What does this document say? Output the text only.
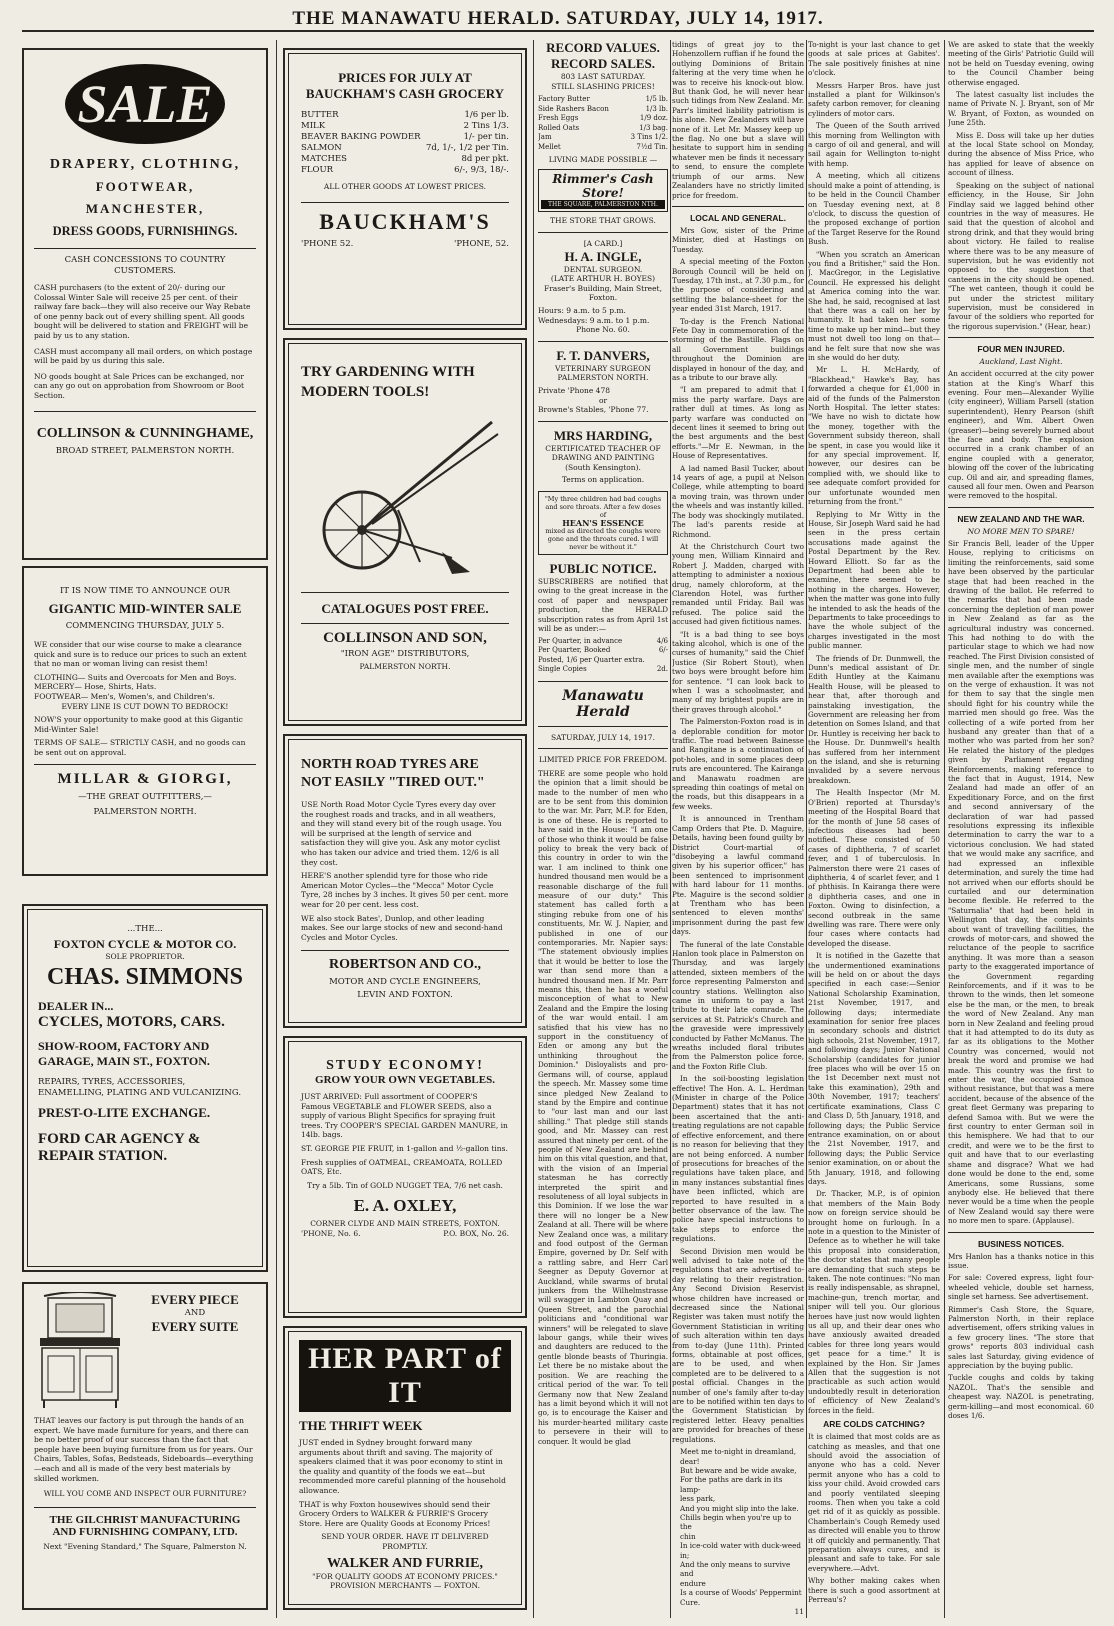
THE MANAWATU HERALD. SATURDAY, JULY 14, 1917.
SALE
DRAPERY, CLOTHING,
FOOTWEAR, MANCHESTER,
DRESS GOODS, FURNISHINGS.
CASH CONCESSIONS TO COUNTRY CUSTOMERS.

CASH purchasers (to the extent of 20/- during our Colossal Winter Sale will receive 25 per cent. of their railway fare back—they will also receive our Way Rebate of one penny back out of every shilling spent. All goods bought will be delivered to station and FREIGHT will be paid by us to any station.

CASH must accompany all mail orders, on which postage will be paid by us during this sale.

NO goods bought at Sale Prices can be exchanged, nor can any go out on approbation from Showroom or Boot Section.

COLLINSON & CUNNINGHAME,
BROAD STREET, PALMERSTON NORTH.
IT IS NOW TIME TO ANNOUNCE OUR
GIGANTIC MID-WINTER SALE
COMMENCING THURSDAY, JULY 5.

WE consider that our wise course to make a clearance quick and sure is to reduce our prices to such an extent that no man or woman living can resist them!

CLOTHING— Suits and Overcoats for Men and Boys.

MERCERY— Hose, Shirts, Hats.

FOOTWEAR— Men's, Women's, and Children's.

EVERY LINE IS CUT DOWN TO BEDROCK!

NOW'S your opportunity to make good at this Gigantic Mid-Winter Sale!

TERMS OF SALE— STRICTLY CASH, and no goods can be sent out on approval.

MILLAR & GIORGI,
—THE GREAT OUTFITTERS,—
PALMERSTON NORTH.
...THE...
FOXTON CYCLE & MOTOR CO.
SOLE PROPRIETOR.
CHAS. SIMMONS
DEALER IN...
CYCLES, MOTORS, CARS.
SHOW-ROOM, FACTORY AND
GARAGE, MAIN ST., FOXTON.
REPAIRS, TYRES, ACCESSORIES, ENAMELLING, PLATING AND VULCANIZING.
PREST-O-LITE EXCHANGE.
FORD CAR AGENCY &
REPAIR STATION.
EVERY PIECE
AND
EVERY SUITE

THAT leaves our factory is put through the hands of an expert. We have made furniture for years, and there can be no better proof of our success than the fact that people have been buying furniture from us for years. Our Chairs, Tables, Sofas, Bedsteads, Sideboards—everything—each and all is made of the very best materials by skilled workmen.

WILL YOU COME AND INSPECT OUR FURNITURE?
THE GILCHRIST MANUFACTURING
AND FURNISHING COMPANY, LTD.
Next "Evening Standard," The Square, Palmerston N.
PRICES FOR JULY AT
BAUCKHAM'S CASH GROCERY
BUTTER	1/6 per lb.
MILK	2 Tins 1/3.
BEAVER BAKING POWDER	1/- per tin.
SALMON	7d, 1/-, 1/2 per Tin.
MATCHES	8d per pkt.
FLOUR	6/-, 9/3, 18/-.
ALL OTHER GOODS AT LOWEST PRICES.
BAUCKHAM'S
'PHONE 52.	'PHONE, 52.
TRY GARDENING WITH MODERN TOOLS!
CATALOGUES POST FREE.
COLLINSON AND SON,
"IRON AGE" DISTRIBUTORS,
PALMERSTON NORTH.
NORTH ROAD TYRES ARE NOT EASILY "TIRED OUT."

USE North Road Motor Cycle Tyres every day over the roughest roads and tracks, and in all weathers, and they will stand every bit of the rough usage. You will be surprised at the length of service and satisfaction they will give you. Ask any motor cyclist who has taken our advice and tried them. 12/6 is all they cost.

HERE'S another splendid tyre for those who ride American Motor Cycles—the "Mecca" Motor Cycle Tyre, 28 inches by 3 inches. It gives 50 per cent. more wear for 20 per cent. less cost.

WE also stock Bates', Dunlop, and other leading makes. See our large stocks of new and second-hand Cycles and Motor Cycles.

ROBERTSON AND CO.,
MOTOR AND CYCLE ENGINEERS,
LEVIN AND FOXTON.
STUDY ECONOMY!
GROW YOUR OWN VEGETABLES.

JUST ARRIVED: Full assortment of COOPER'S Famous VEGETABLE and FLOWER SEEDS, also a supply of various Blight Specifics for spraying fruit trees. Try COOPER'S SPECIAL GARDEN MANURE, in 14lb. bags.

ST. GEORGE PIE FRUIT, in 1-gallon and ½-gallon tins.

Fresh supplies of OATMEAL, CREAMOATA, ROLLED OATS, Etc.

Try a 5lb. Tin of GOLD NUGGET TEA, 7/6 net cash.

E. A. OXLEY,
CORNER CLYDE AND MAIN STREETS, FOXTON.
'PHONE, No. 6.	P.O. BOX, No. 26.
HER PART of IT
THE THRIFT WEEK

JUST ended in Sydney brought forward many arguments about thrift and saving. The majority of speakers claimed that it was poor economy to stint in the quality and quantity of the foods we eat—but recommended more careful planning of the household allowance.

THAT is why Foxton housewives should send their Grocery Orders to WALKER & FURRIE'S Grocery Store. Here are Quality Goods at Economy Prices!

SEND YOUR ORDER. HAVE IT DELIVERED PROMPTLY.
WALKER AND FURRIE,
"FOR QUALITY GOODS AT ECONOMY PRICES."
PROVISION MERCHANTS — FOXTON.
RECORD VALUES.
RECORD SALES.
803 LAST SATURDAY.
STILL SLASHING PRICES!
Factory Butter	1/5 lb.
Side Rashers Bacon	1/3 lb.
Fresh Eggs	1/9 doz.
Rolled Oats	1/3 bag.
Jam	3 Tins 1/2.
Mellet	7½d Tin.
LIVING MADE POSSIBLE —
Rimmer's Cash Store!
THE SQUARE, PALMERSTON NTH.
THE STORE THAT GROWS.
[A CARD.]
H. A. INGLE,
DENTAL SURGEON.
(LATE ARTHUR H. BOYES)
Fraser's Building, Main Street,
Foxton.
Hours: 9 a.m. to 5 p.m. Wednesdays: 9 a.m. to 1 p.m.
Phone No. 60.
F. T. DANVERS,
VETERINARY SURGEON
PALMERSTON NORTH.
Private 'Phone 478
or
Browne's Stables, 'Phone 77.
MRS HARDING,
CERTIFICATED TEACHER OF DRAWING AND PAINTING
(South Kensington).
Terms on application.
"My three children had bad coughs and sore throats. After a few doses of
HEAN'S ESSENCE
mixed as directed the coughs were gone and the throats cured. I will never be without it."
PUBLIC NOTICE.

SUBSCRIBERS are notified that owing to the great increase in the cost of paper and newspaper production, the HERALD subscription rates as from April 1st will be as under:—

Per Quarter, in advance	4/6
Per Quarter, Booked	6/-
Posted, 1/6 per Quarter extra.	
Single Copies	2d.
Manawatu Herald
SATURDAY, JULY 14, 1917.
LIMITED PRICE FOR FREEDOM.

THERE are some people who hold the opinion that a limit should be made to the number of men who are to be sent from this dominion to the war. Mr. Parr, M.P. for Eden, is one of these. He is reported to have said in the House: "I am one of those who think it would be false policy to break the very back of this country in order to win the war. I am inclined to think one hundred thousand men would be a reasonable discharge of the full measure of our duty." This statement has called forth a stinging rebuke from one of his constituents, Mr. W. J. Napier, and published in one of our contemporaries. Mr. Napier says: "The statement obviously implies that it would be better to lose the war than send more than a hundred thousand men. If Mr. Parr means this, then he has a woeful misconception of what to New Zealand and the Empire the losing of the war would entail. I am satisfied that his view has no support in the constituency of Eden or among any but the unthinking throughout the Dominion." Disloyalists and pro-Germans will, of course, applaud the speech. Mr. Massey some time since pledged New Zealand to stand by the Empire and continue to "our last man and our last shilling." That pledge still stands good, and Mr. Massey can rest assured that ninety per cent. of the people of New Zealand are behind him on this vital question, and that, with the vision of an Imperial statesman he has correctly interpreted the spirit and resoluteness of all loyal subjects in this Dominion. If we lose the war there will no longer be a New Zealand at all. There will be where New Zealand once was, a military and food outpost of the German Empire, governed by Dr. Self with a rattling sabre, and Herr Carl Seegner as Deputy Governor at Auckland, while swarms of brutal junkers from the Wilhelmstrasse will swagger in Lambton Quay and Queen Street, and the parochial politicians and "conditional war winners" will be relegated to slave labour gangs, while their wives and daughters are reduced to the gentle blonde beasts of Thuringia. Let there be no mistake about the position. We are reaching the critical period of the war. To tell Germany now that New Zealand has a limit beyond which it will not go, is to encourage the Kaiser and his murder-hearted military caste to persevere in their will to conquer. It would be glad

tidings of great joy to the Hohenzollern ruffian if he found the outlying Dominions of Britain faltering at the very time when he was to receive his knock-out blow. But thank God, he will never hear such tidings from New Zealand. Mr. Parr's limited liability patriotism is his alone. New Zealanders will have none of it. Let Mr. Massey keep up the flag. No one but a slave will hesitate to support him in sending whatever men be finds it necessary to send, to ensure the complete triumph of our arms. New Zealanders have no strictly limited price for freedom.

LOCAL AND GENERAL.

Mrs Gow, sister of the Prime Minister, died at Hastings on Tuesday.

A special meeting of the Foxton Borough Council will be held on Tuesday, 17th inst., at 7.30 p.m., for the purpose of considering and settling the balance-sheet for the year ended 31st March, 1917.

To-day is the French National Fete Day in commemoration of the storming of the Bastille. Flags on all Government buildings throughout the Dominion are displayed in honour of the day, and as a tribute to our brave ally.

"I am prepared to admit that I miss the party warfare. Days are rather dull at times. As long as party warfare was conducted on decent lines it seemed to bring out the best arguments and the best efforts."—Mr E. Newman, in the House of Representatives.

A lad named Basil Tucker, about 14 years of age, a pupil at Nelson College, while attempting to board a moving train, was thrown under the wheels and was instantly killed. The body was shockingly mutilated. The lad's parents reside at Richmond.

At the Christchurch Court two young men, William Kinnaird and Robert J. Madden, charged with attempting to administer a noxious drug, namely chloroform, at the Clarendon Hotel, was further remanded until Friday. Bail was refused. The police said the accused had given fictitious names.

"It is a bad thing to see boys taking alcohol, which is one of the curses of humanity," said the Chief Justice (Sir Robert Stout), when two boys were brought before him for sentence. "I can look back to when I was a schoolmaster, and many of my brightest pupils are in their graves through alcohol."

The Palmerston-Foxton road is in a deplorable condition for motor traffic. The road between Bainesse and Rangitane is a continuation of pot-holes, and in some places deep ruts are encountered. The Kairanga and Manawatu roadmen are spreading thin coatings of metal on the roads, but this disappears in a few weeks.

It is announced in Trentham Camp Orders that Pte. D. Maguire, Details, having been found guilty by District Court-martial of "disobeying a lawful command given by his superior officer," has been sentenced to imprisonment with hard labour for 11 months. Pte. Maguire is the second soldier at Trentham who has been sentenced to eleven months' imprisonment during the past few days.

The funeral of the late Constable Hanlon took place in Palmerston on Thursday, and was largely attended, sixteen members of the force representing Palmerston and country stations. Wellington also came in uniform to pay a last tribute to their late comrade. The services at St. Patrick's Church and the graveside were impressively conducted by Father McManus. The wreaths included floral tributes from the Palmerston police force, and the Foxton Rifle Club.

In the soil-boosting legislation effective! The Hon. A. L. Herdman (Minister in charge of the Police Department) states that it has not been ascertained that the anti-treating regulations are not capable of effective enforcement, and there is no reason for believing that they are not being enforced. A number of prosecutions for breaches of the regulations have taken place, and in many instances substantial fines have been inflicted, which are reported to have resulted in a better observance of the law. The police have special instructions to take steps to enforce the regulations.

Second Division men would be well advised to take note of the regulations that are advertised to-day relating to their registration. Any Second Division Reservist whose children have increased or decreased since the National Register was taken must notify the Government Statistician in writing of such alteration within ten days from to-day (June 11th). Printed forms, obtainable at post offices, are to be used, and when completed are to be delivered to a postal official. Changes in the number of one's family after to-day are to be notified within ten days to the Government Statistician by registered letter. Heavy penalties are provided for breaches of these regulations.

Meet me to-night in dreamland,
dear!
But beware and be wide awake,
For the paths are dark in its lamp-
less park,
And you might slip into the lake.
Chills begin when you're up to the
chin
In ice-cold water with duck-weed
in;
And the only means to survive and
endure
Is a course of Woods' Peppermint
Cure.
11

To-night is your last chance to get goods at sale prices at Gabites'. The sale positively finishes at nine o'clock.

Messrs Harper Bros. have just installed a plant for Wilkinson's safety carbon remover, for cleaning cylinders of motor cars.

The Queen of the South arrived this morning from Wellington with a cargo of oil and general, and will sail again for Wellington to-night with hemp.

A meeting, which all citizens should make a point of attending, is to be held in the Council Chamber on Tuesday evening next, at 8 o'clock, to discuss the question of the proposed exchange of portion of the Target Reserve for the Round Bush.

"When you scratch an American you find a Britisher," said the Hon. J. MacGregor, in the Legislative Council. He expressed his delight at America coming into the war. She had, he said, recognised at last that there was a call on her by humanity. It had taken her some time to make up her mind—but they must not dwell too long on that—and he felt sure that now she was in she would do her duty.

Mr L. H. McHardy, of "Blackhead," Hawke's Bay, has forwarded a cheque for £1,000 in aid of the funds of the Palmerston North Hospital. The letter states: "We have no wish to dictate how the money, together with the Government subsidy thereon, shall be spent, in case you would like it for any special improvement. If, however, our desires can be complied with, we should like to see adequate comfort provided for our unfortunate wounded men returning from the front."

Replying to Mr Witty in the House, Sir Joseph Ward said he had seen in the press certain accusations made against the Postal Department by the Rev. Howard Elliott. So far as the Department had been able to examine, there seemed to be nothing in the charges. However, when the matter was gone into fully he intended to ask the heads of the Departments to take proceedings to have the whole subject of the charges investigated in the most public manner.

The friends of Dr. Dunmwell, the Dunn's medical assistant of Dr. Edith Huntley at the Kaimanu Health House, will be pleased to hear that, after thorough and painstaking investigation, the Government are releasing her from detention on Somes Island, and that Dr. Huntley is receiving her back to the House. Dr. Dunmwell's health has suffered from her internment on the island, and she is returning invalided by a severe nervous breakdown.

The Health Inspector (Mr M. O'Brien) reported at Thursday's meeting of the Hospital Board that for the month of June 58 cases of infectious diseases had been notified. These consisted of 50 cases of diphtheria, 7 of scarlet fever, and 1 of tuberculosis. In Palmerston there were 21 cases of diphtheria, 4 of scarlet fever, and 1 of phthisis. In Kairanga there were 8 diphtheria cases, and one in Foxton. Owing to disinfection, a second outbreak in the same dwelling was rare. There were only four cases where contacts had developed the disease.

It is notified in the Gazette that the undermentioned examinations will be held on or about the days specified in each case:—Senior National Scholarship Examination, 21st November, 1917, and following days; intermediate examination for senior free places in secondary schools and district high schools, 21st November, 1917, and following days; Junior National Scholarship (candidates for junior free places who will be over 15 on the 1st December next must not take this examination), 29th and 30th November, 1917; teachers' certificate examinations, Class C and Class D, 5th January, 1918, and following days; the Public Service entrance examination, on or about the 21st November, 1917, and following days; the Public Service senior examination, on or about the 5th January, 1918, and following days.

Dr. Thacker, M.P., is of opinion that members of the Main Body now on foreign service should be brought home on furlough. In a note in a question to the Minister of Defence as to whether he will take this proposal into consideration, the doctor states that many people are demanding that such steps be taken. The note continues: "No man is really indispensable, as shrapnel, machine-gun, trench mortar, and sniper will tell you. Our glorious heroes have just now would lighten us all up, and their dear ones who have anxiously awaited dreaded cables for three long years would get peace for a time." It is explained by the Hon. Sir James Allen that the suggestion is not practicable as such action would undoubtedly result in deterioration of efficiency of New Zealand's forces in the field.

ARE COLDS CATCHING?

It is claimed that most colds are as catching as measles, and that one should avoid the association of anyone who has a cold. Never permit anyone who has a cold to kiss your child. Avoid crowded cars and poorly ventilated sleeping rooms. Then when you take a cold get rid of it as quickly as possible. Chamberlain's Cough Remedy used as directed will enable you to throw it off quickly and permanently. That preparation always cures, and is pleasant and safe to take. For sale everywhere.—Advt.

Why bother making cakes when there is such a good assortment at Perreau's?

We are asked to state that the weekly meeting of the Girls' Patriotic Guild will not be held on Tuesday evening, owing to the Council Chamber being otherwise engaged.

The latest casualty list includes the name of Private N. J. Bryant, son of Mr W. Bryant, of Foxton, as wounded on June 25th.

Miss E. Doss will take up her duties at the local State school on Monday, during the absence of Miss Price, who has applied for leave of absence on account of illness.

Speaking on the subject of national efficiency, in the House, Sir John Findlay said we lagged behind other countries in the way of measures. He said that the question of alcohol and strong drink, and that they would bring about victory. He failed to realise where there was to be any measure of supervision, but he was evidently not opposed to the suggestion that canteens in the city should be opened. "The wet canteen, though it could be put under the strictest military supervision, must be considered in favour of the soldiers who reported for the rigorous supervision." (Hear, hear.)

FOUR MEN INJURED.
Auckland, Last Night.

An accident occurred at the city power station at the King's Wharf this evening. Four men—Alexander Wyllie (city engineer), William Parsell (station superintendent), Henry Pearson (shift engineer), and Wm. Albert Owen (greaser)—being severely burned about the face and body. The explosion occurred in a crank chamber of an engine coupled with a generator, blowing off the cover of the lubricating cup. Oil and air, and spreading flames, caused all four men. Owen and Pearson were removed to the hospital.

NEW ZEALAND AND THE WAR.
NO MORE MEN TO SPARE!

Sir Francis Bell, leader of the Upper House, replying to criticisms on limiting the reinforcements, said some have been observed by the particular stage that had been reached in the drawing of the ballot. He referred to the remarks that had been made concerning the depletion of man power in New Zealand as far as the agricultural industry was concerned. This had nothing to do with the particular stage to which we had now reached. The First Division consisted of single men, and the number of single men available after the exemptions was on the verge of exhaustion. It was not for them to say that the single men should fight for his country while the married men should go free. Was the collecting of a wife ported from her husband any greater than that of a mother who was parted from her son? He related the history of the pledges given by Parliament regarding Reinforcements, making reference to the fact that in August, 1914, New Zealand had made an offer of an Expeditionary Force, and on the first and second anniversary of the declaration of war had passed resolutions expressing its inflexible determination to carry the war to a victorious conclusion. We had stated that we would make any sacrifice, and had expressed an inflexible determination, and surely the time had not arrived when our efforts should be curtailed and our determination become flexible. He referred to the "Saturnalia" that had been held in Wellington that day, the complaints about want of travelling facilities, the crowds of motor-cars, and showed the reluctance of the people to sacrifice anything. It was more than a season party to the exaggerated importance of the Government regarding Reinforcements, and if it was to be thrown to the winds, then let someone else be the man, or the men, to break the word of New Zealand. Any man born in New Zealand and feeling proud that it had attempted to do its duty as far as its obligations to the Mother Country was concerned, would not break the word and promise we had made. This country was the first to enter the war, the occupied Samoa without resistance, but that was a mere accident, because of the absence of the great fleet Germany was preparing to defend Samoa with. But we were the first country to enter German soil in this hemisphere. We had that to our credit, and were we to be the first to quit and have that to our everlasting shame and disgrace? What we had done would be done to the end, some Americans, some Russians, some anybody else. He believed that there never would be a time when the people of New Zealand would say there were no more men to spare. (Applause).

BUSINESS NOTICES.

Mrs Hanlon has a thanks notice in this issue.

For sale: Covered express, light four-wheeled vehicle, double set harness, single set harness. See advertisement.

Rimmer's Cash Store, the Square, Palmerston North, in their replace advertisement, offers striking values in a few grocery lines. "The store that grows" reports 803 individual cash sales last Saturday, giving evidence of appreciation by the buying public.

Tuckle coughs and colds by taking NAZOL. That's the sensible and cheapest way. NAZOL is penetrating, germ-killing—and most economical. 60 doses 1/6.
